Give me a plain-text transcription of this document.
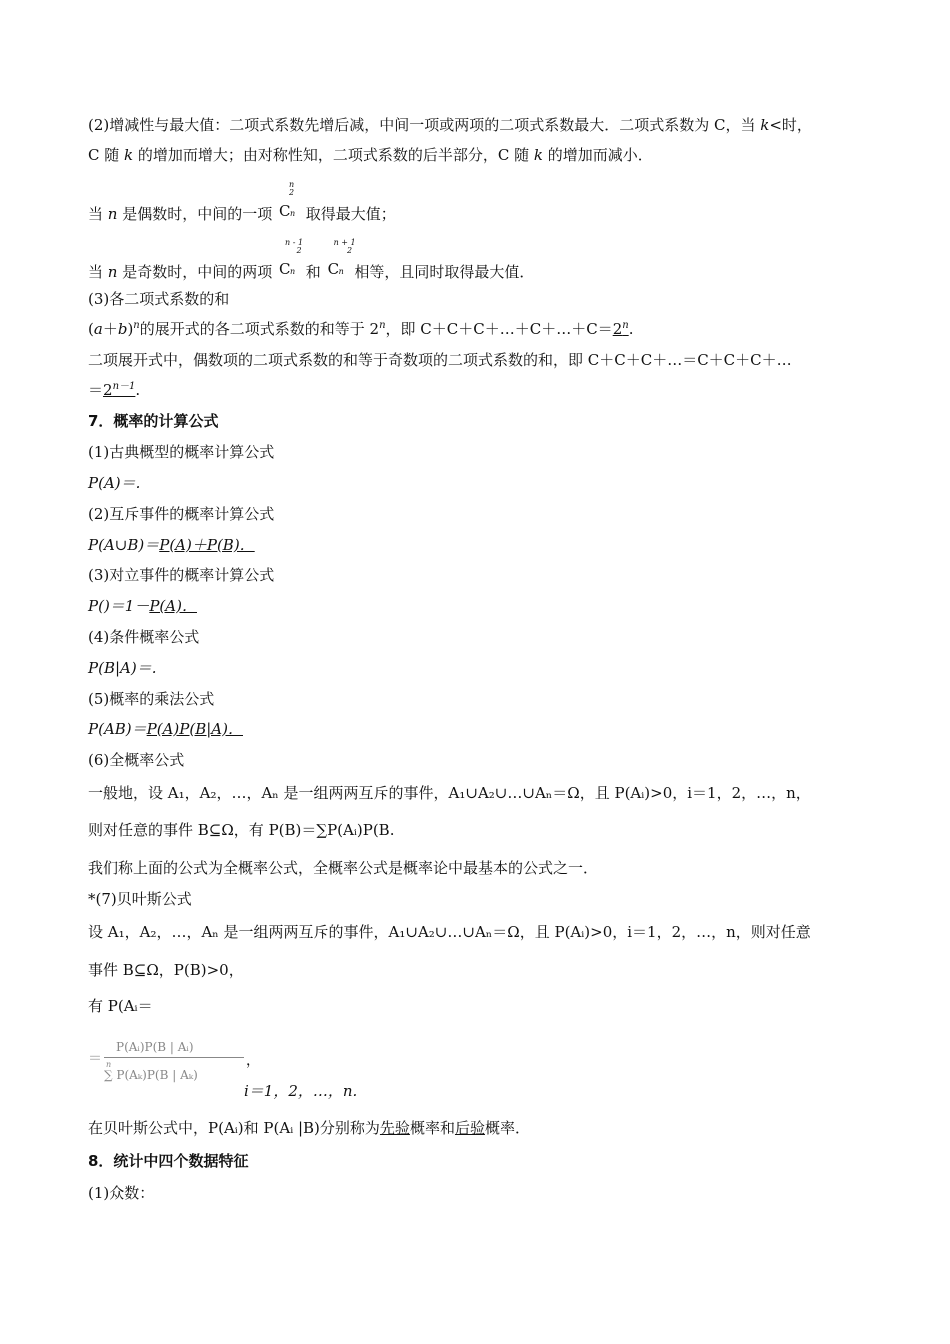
(2)增减性与最大值：二项式系数先增后减，中间一项或两项的二项式系数最大．二项式系数为 C，当 k<时，
C 随 k 的增加而增大；由对称性知，二项式系数的后半部分，C 随 k 的增加而减小．
当 n 是偶数时，中间的一项
n
2
C n 取得最大值；
当 n 是奇数时，中间的两项
n - 1
2
C n 和
n + 1
2
C n 相等，且同时取得最大值．
(3)各二项式系数的和
$(a+b)^n$的展开式的各二项式系数的和等于 2$^n$，即 $C+C+C+\dots+C+\dots+C=2^n$.
二项展开式中，偶数项的二项式系数的和等于奇数项的二项式系数的和，即 C＋C＋C＋…＝C＋C＋C＋…
$=2^{n-1}$.
7．概率的计算公式
(1)古典概型的概率计算公式
P(A)＝.
(2)互斥事件的概率计算公式
P(A∪B)＝P(A)＋P(B)．
(3)对立事件的概率计算公式
P()＝1－P(A)．
(4)条件概率公式
P(B|A)＝.
(5)概率的乘法公式
P(AB)＝P(A)P(B|A)．
(6)全概率公式
一般地，设 A₁，A₂，…，Aₙ 是一组两两互斥的事件，A₁∪A₂∪…∪Aₙ＝Ω，且 P(Aᵢ)>0，i＝1，2，…，n，
则对任意的事件 B⊆Ω，有 P(B)＝∑P(Aᵢ)P(B.
我们称上面的公式为全概率公式，全概率公式是概率论中最基本的公式之一．
*(7)贝叶斯公式
设 A₁，A₂，…，Aₙ 是一组两两互斥的事件，A₁∪A₂∪…∪Aₙ＝Ω，且 P(Aᵢ)>0，i＝1，2，…，n，则对任意
事件 B⊆Ω，P(B)>0，
有 P(Aᵢ＝
＝
P(Aᵢ)P(B | Aᵢ)
n
∑ P(Aₖ)P(B | Aₖ)
，
i＝1，2，…，n.
在贝叶斯公式中，P(Aᵢ)和 P(Aᵢ |B)分别称为先验概率和后验概率．
8．统计中四个数据特征
(1)众数：
